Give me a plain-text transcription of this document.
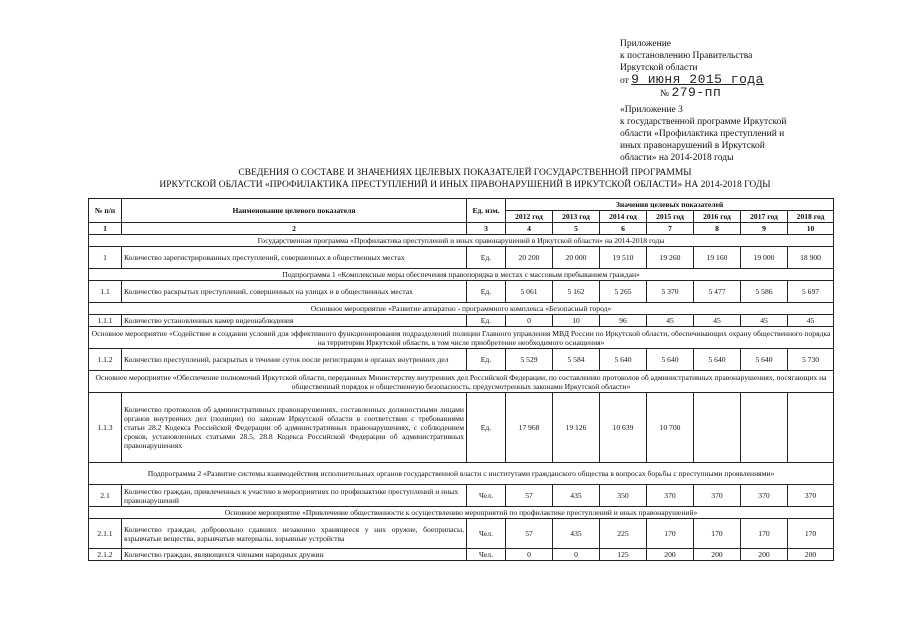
Приложение
к постановлению Правительства
Иркутской области
от 9 июня 2015 года
№ 279-пп
«Приложение 3
к государственной программе Иркутской
области «Профилактика преступлений и
иных правонарушений в Иркутской
области» на 2014-2018 годы
СВЕДЕНИЯ О СОСТАВЕ И ЗНАЧЕНИЯХ ЦЕЛЕВЫХ ПОКАЗАТЕЛЕЙ ГОСУДАРСТВЕННОЙ ПРОГРАММЫ
ИРКУТСКОЙ ОБЛАСТИ «ПРОФИЛАКТИКА ПРЕСТУПЛЕНИЙ И ИНЫХ ПРАВОНАРУШЕНИЙ В ИРКУТСКОЙ ОБЛАСТИ» НА 2014-2018 ГОДЫ
№ п/п	Наименование целевого показателя	Ед. изм.	Значения целевых показателей						
			2012 год	2013 год	2014 год	2015 год	2016 год	2017 год	2018 год
1	2	3	4	5	6	7	8	9	10
Государственная программа «Профилактика преступлений и иных правонарушений в Иркутской области» на 2014-2018 годы									
1	Количество зарегистрированных преступлений, совершенных в общественных местах	Ед.	20 200	20 000	19 510	19 260	19 160	19 000	18 900
Подпрограмма 1 «Комплексные меры обеспечения правопорядка в местах с массовым пребыванием граждан»									
1.1	Количество раскрытых преступлений, совершенных на улицах и в общественных местах	Ед.	5 061	5 162	5 265	5 370	5 477	5 586	5 697
Основное мероприятие «Развитие аппаратно - программного комплекса «Безопасный город»									
1.1.1	Количество установленных камер видеонаблюдения	Ед.	0	10	96	45	45	45	45
Основное мероприятие «Содействие в создании условий для эффективного функционирования подразделений полиции Главного управления МВД России по Иркутской области, обеспечивающих охрану общественного порядка на территории Иркутской области, в том числе приобретение необходимого оснащения»									
1.1.2	Количество преступлений, раскрытых в течение суток после регистрации в органах внутренних дел	Ед.	5 529	5 584	5 640	5 640	5 640	5 640	5 730
Основное мероприятие «Обеспечение полномочий Иркутской области, переданных Министерству внутренних дел Российской Федерации, по составлению протоколов об административных правонарушениях, посягающих на общественный порядок и общественную безопасность, предусмотренных законами Иркутской области»									
1.1.3	Количество протоколов об административных правонарушениях, составленных должностными лицами органов внутренних дел (полиции) по законам Иркутской области в соответствии с требованиями статьи 28.2 Кодекса Российской Федерации об административных правонарушениях, с соблюдением сроков, установленных статьями 28.5, 28.8 Кодекса Российской Федерации об административных правонарушениях	Ед.	17 968	19 126	10 639	10 700			
Подпрограмма 2 «Развитие системы взаимодействия исполнительных органов государственной власти с институтами гражданского общества в вопросах борьбы с преступными проявлениями»									
2.1	Количество граждан, привлеченных к участию в мероприятиях по профилактике преступлений и иных правонарушений	Чел.	57	435	350	370	370	370	370
Основное мероприятие «Привлечение общественности к осуществлению мероприятий по профилактике преступлений и иных правонарушений»									
2.1.1	Количество граждан, добровольно сдавших незаконно хранящееся у них оружие, боеприпасы, взрывчатые вещества, взрывчатые материалы, взрывные устройства	Чел.	57	435	225	170	170	170	170
2.1.2	Количество граждан, являющихся членами народных дружин	Чел.	0	0	125	200	200	200	200
